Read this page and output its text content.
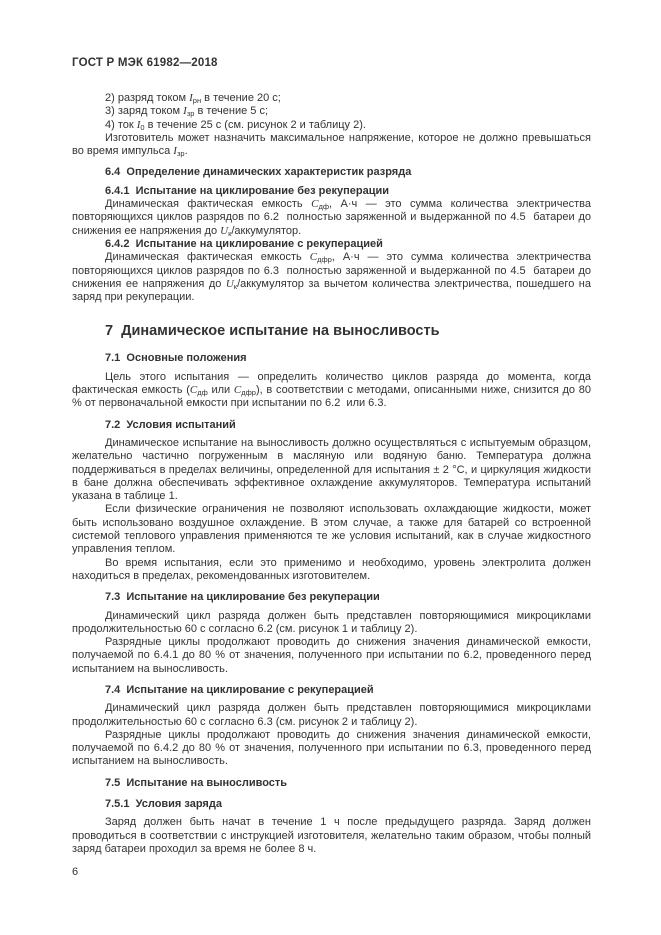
ГОСТ Р МЭК 61982—2018

2) разряд током $I_{рн}$ в течение 20 с;

3) заряд током $I_{зр}$ в течение 5 с;

4) ток $I_0$ в течение 25 с (см. рисунок 2 и таблицу 2).

Изготовитель может назначить максимальное напряжение, которое не должно превышаться во время импульса $I_{зр}$.

6.4  Определение динамических характеристик разряда
6.4.1  Испытание на циклирование без рекуперации

Динамическая фактическая емкость $C_{дф}$, А·ч — это сумма количества электричества повторяющихся циклов разрядов по 6.2  полностью заряженной и выдержанной по 4.5  батареи до снижения ее напряжения до $U_к$/аккумулятор.

6.4.2  Испытание на циклирование с рекуперацией

Динамическая фактическая емкость $C_{дфр}$, А·ч — это сумма количества электричества повторяющихся циклов разрядов по 6.3  полностью заряженной и выдержанной по 4.5  батареи до снижения ее напряжения до $U_к$/аккумулятор за вычетом количества электричества, пошедшего на заряд при рекуперации.

7  Динамическое испытание на выносливость
7.1  Основные положения

Цель этого испытания — определить количество циклов разряда до момента, когда фактическая емкость ($C_{дф}$ или $C_{дфр}$), в соответствии с методами, описанными ниже, снизится до 80 % от первоначальной емкости при испытании по 6.2  или 6.3.

7.2  Условия испытаний

Динамическое испытание на выносливость должно осуществляться с испытуемым образцом, желательно частично погруженным в масляную или водяную баню. Температура должна поддерживаться в пределах величины, определенной для испытания ± 2 °С, и циркуляция жидкости в бане должна обеспечивать эффективное охлаждение аккумуляторов. Температура испытаний указана в таблице 1.

Если физические ограничения не позволяют использовать охлаждающие жидкости, может быть использовано воздушное охлаждение. В этом случае, а также для батарей со встроенной системой теплового управления применяются те же условия испытаний, как в случае жидкостного управления теплом.

Во время испытания, если это применимо и необходимо, уровень электролита должен находиться в пределах, рекомендованных изготовителем.

7.3  Испытание на циклирование без рекуперации

Динамический цикл разряда должен быть представлен повторяющимися микроциклами продолжительностью 60 с согласно 6.2 (см. рисунок 1 и таблицу 2).

Разрядные циклы продолжают проводить до снижения значения динамической емкости, получаемой по 6.4.1 до 80 % от значения, полученного при испытании по 6.2, проведенного перед испытанием на выносливость.

7.4  Испытание на циклирование с рекуперацией

Динамический цикл разряда должен быть представлен повторяющимися микроциклами продолжительностью 60 с согласно 6.3 (см. рисунок 2 и таблицу 2).

Разрядные циклы продолжают проводить до снижения значения динамической емкости, получаемой по 6.4.2 до 80 % от значения, полученного при испытании по 6.3, проведенного перед испытанием на выносливость.

7.5  Испытание на выносливость
7.5.1  Условия заряда

Заряд должен быть начат в течение 1 ч после предыдущего разряда. Заряд должен проводиться в соответствии с инструкцией изготовителя, желательно таким образом, чтобы полный заряд батареи проходил за время не более 8 ч.

6
